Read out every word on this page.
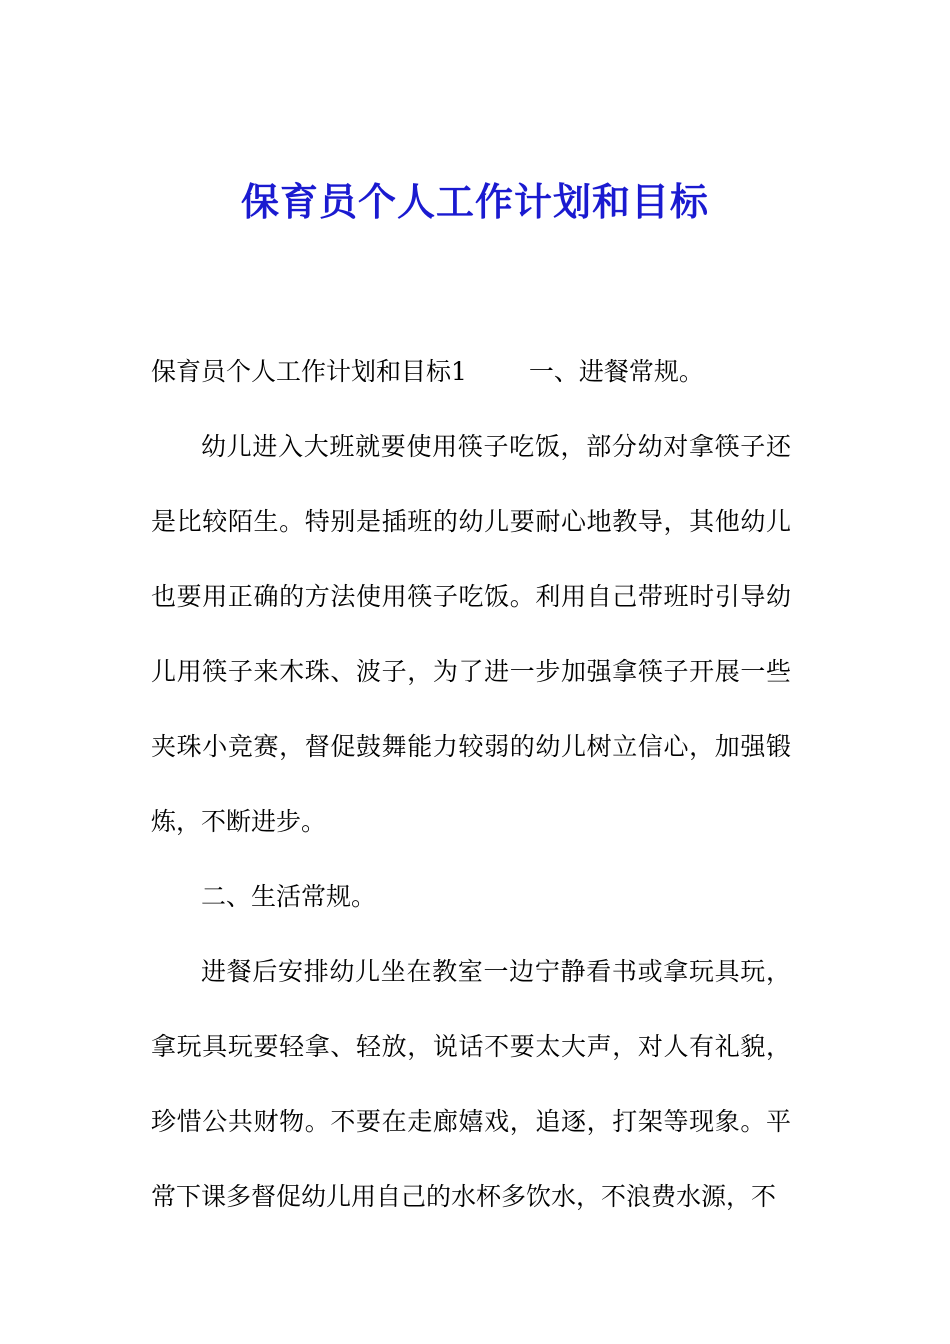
保育员个人工作计划和目标

保育员个人工作计划和目标1 一、进餐常规。

幼儿进入大班就要使用筷子吃饭，部分幼对拿筷子还是比较陌生。特别是插班的幼儿要耐心地教导，其他幼儿也要用正确的方法使用筷子吃饭。利用自己带班时引导幼儿用筷子来木珠、波子，为了进一步加强拿筷子开展一些夹珠小竞赛，督促鼓舞能力较弱的幼儿树立信心，加强锻炼，不断进步。

二、生活常规。

进餐后安排幼儿坐在教室一边宁静看书或拿玩具玩，拿玩具玩要轻拿、轻放，说话不要太大声，对人有礼貌，珍惜公共财物。不要在走廊嬉戏，追逐，打架等现象。平常下课多督促幼儿用自己的水杯多饮水，不浪费水源，不
